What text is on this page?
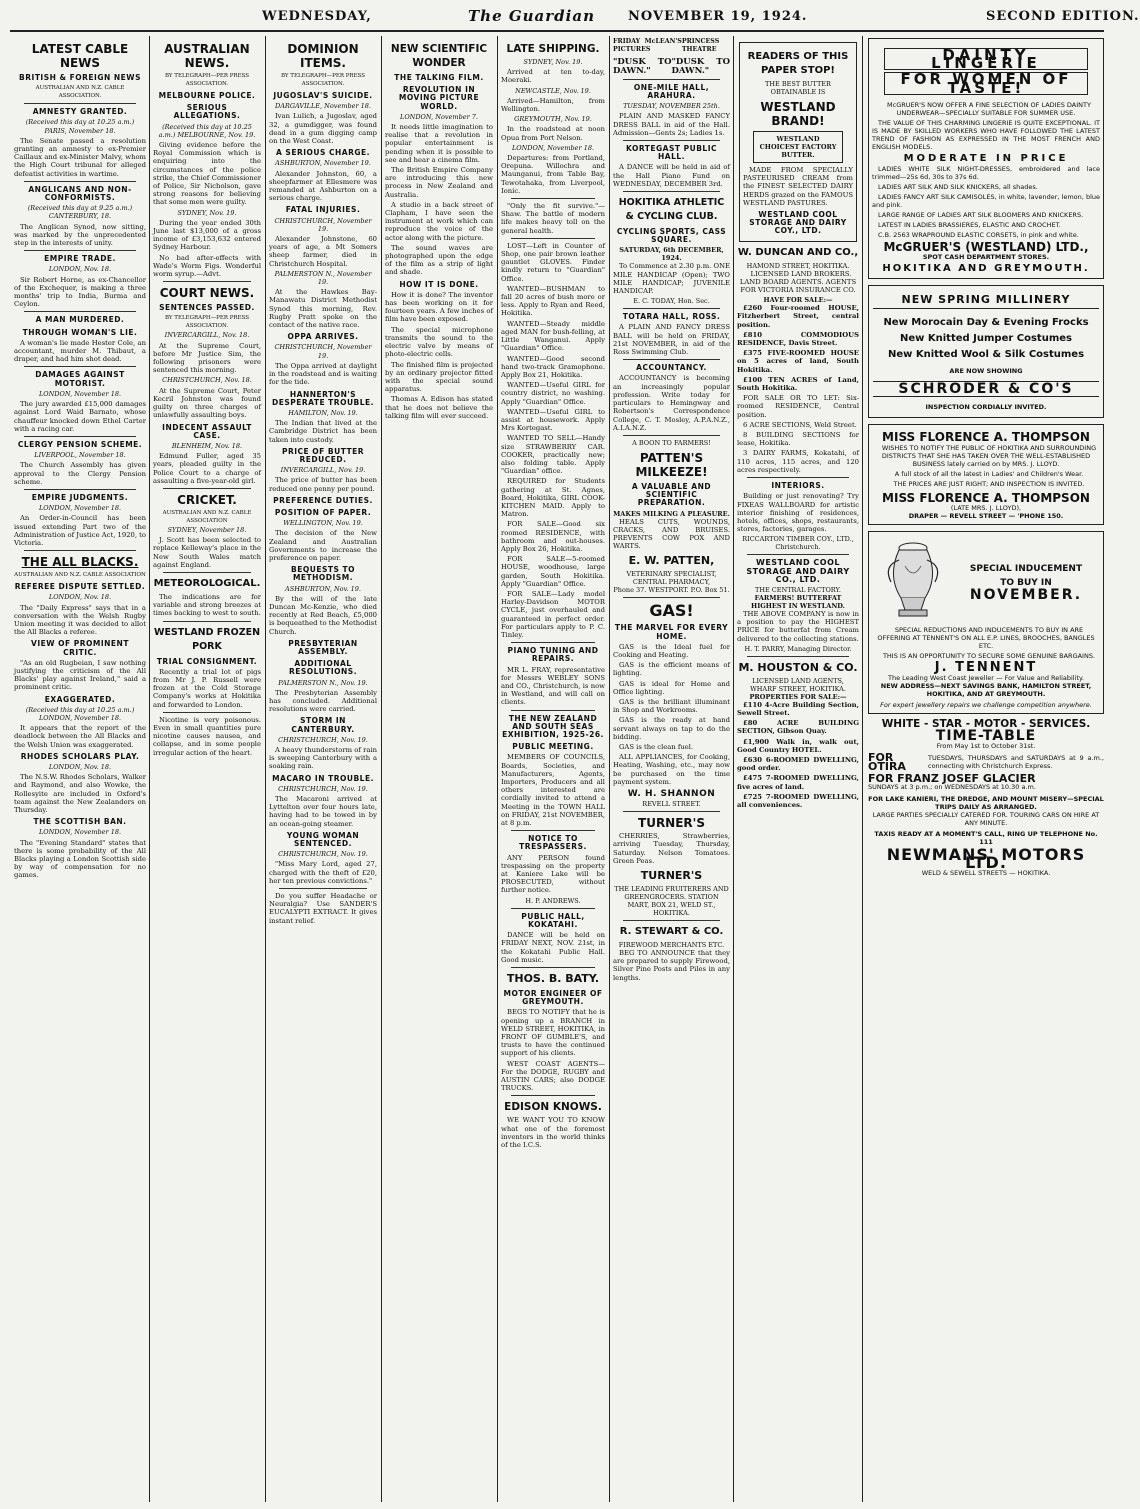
WEDNESDAY,	The Guardian	NOVEMBER 19, 1924.	SECOND EDITION.
LATEST CABLE NEWS
BRITISH & FOREIGN NEWS
AUSTRALIAN AND N.Z. CABLE ASSOCIATION.
AMNESTY GRANTED.
(Received this day at 10.25 a.m.) PARIS, November 18.

The Senate passed a resolution granting an amnesty to ex-Premier Caillaux and ex-Minister Malvy, whom the High Court tribunal for alleged defeatist activities in wartime.

ANGLICANS AND NON-CONFORMISTS.
(Received this day at 9.25 a.m.) CANTERBURY, 18.

The Anglican Synod, now sitting, was marked by the unprecedented step in the interests of unity.

EMPIRE TRADE.
LONDON, Nov. 18.

Sir Robert Horne, as ex-Chancellor of the Exchequer, is making a three months' trip to India, Burma and Ceylon.

A MAN MURDERED.
THROUGH WOMAN'S LIE.

A woman's lie made Hester Cole, an accountant, murder M. Thibaut, a draper, and had him shot dead.

DAMAGES AGAINST MOTORIST.
LONDON, November 18.

The jury awarded £15,000 damages against Lord Waid Barnato, whose chauffeur knocked down Ethel Carter with a racing car.

CLERGY PENSION SCHEME.
LIVERPOOL, November 18.

The Church Assembly has given approval to the Clergy Pension scheme.

EMPIRE JUDGMENTS.
LONDON, November 18.

An Order-in-Council has been issued extending Part two of the Administration of Justice Act, 1920, to Victoria.

THE ALL BLACKS.
AUSTRALIAN AND N.Z. CABLE ASSOCIATION
REFEREE DISPUTE SETTLED.
LONDON, Nov. 18.

The "Daily Express" says that in a conversation with the Welsh Rugby Union meeting it was decided to allot the All Blacks a referee.

VIEW OF PROMINENT CRITIC.

"As an old Rugbeian, I saw nothing justifying the criticism of the All Blacks' play against Ireland," said a prominent critic.

EXAGGERATED.
(Received this day at 10.25 a.m.) LONDON, November 18.

It appears that the report of the deadlock between the All Blacks and the Welsh Union was exaggerated.

RHODES SCHOLARS PLAY.
LONDON, Nov. 18.

The N.S.W. Rhodes Scholars, Walker and Raymond, and also Wowke, the Rollesyite are included in Oxford's team against the New Zealanders on Thursday.

THE SCOTTISH BAN.
LONDON, November 18.

The "Evening Standard" states that there is some probability of the All Blacks playing a London Scottish side by way of compensation for no games.

AUSTRALIAN NEWS.
BY TELEGRAPH—PER PRESS ASSOCIATION.
MELBOURNE POLICE.
SERIOUS ALLEGATIONS.
(Received this day at 10.25 a.m.) MELBOURNE, Nov. 19.

Giving evidence before the Royal Commission which is enquiring into the circumstances of the police strike, the Chief Commissioner of Police, Sir Nicholson, gave strong reasons for believing that some men were guilty.

SYDNEY, Nov. 19.

During the year ended 30th June last $13,000 of a gross income of £3,153,632 entered Sydney Harbour.

No bad after-effects with Wade's Worm Figs. Wonderful worm syrup.—Advt.

COURT NEWS.
SENTENCES PASSED.
BY TELEGRAPH—PER PRESS ASSOCIATION.
INVERCARGILL, Nov. 18.

At the Supreme Court, before Mr Justice Sim, the following prisoners were sentenced this morning.

CHRISTCHURCH, Nov. 18.

At the Supreme Court, Peter Kecril Johnston was found guilty on three charges of unlawfully assaulting boys.

INDECENT ASSAULT CASE.
BLENHEIM, Nov. 18.

Edmund Fuller, aged 35 years, pleaded guilty in the Police Court to a charge of assaulting a five-year-old girl.

CRICKET.
AUSTRALIAN AND N.Z. CABLE ASSOCIATION
SYDNEY, November 18.

J. Scott has been selected to replace Kelleway's place in the New South Wales match against England.

METEOROLOGICAL.

The indications are for variable and strong breezes at times backing to west to south.

WESTLAND FROZEN PORK
TRIAL CONSIGNMENT.

Recently a trial lot of pigs from Mr J. P. Russell were frozen at the Cold Storage Company's works at Hokitika and forwarded to London.

Nicotine is very poisonous. Even in small quantities pure nicotine causes nausea, and collapse, and in some people irregular action of the heart.

DOMINION ITEMS.
BY TELEGRAPH—PER PRESS ASSOCIATION.
JUGOSLAV'S SUICIDE.
DARGAVILLE, November 18.

Ivan Lulich, a Jugoslav, aged 32, a gumdigger, was found dead in a gum digging camp on the West Coast.

A SERIOUS CHARGE.
ASHBURTON, November 19.

Alexander Johnston, 60, a sheepfarmer at Ellesmere was remanded at Ashburton on a serious charge.

FATAL INJURIES.
CHRISTCHURCH, November 19.

Alexander Johnstone, 60 years of age, a Mt Somers sheep farmer, died in Christchurch Hospital.

PALMERSTON N., November 19.

At the Hawkes Bay-Manawatu District Methodist Synod this morning, Rev. Rugby Pratt spoke on the contact of the native race.

OPPA ARRIVES.
CHRISTCHURCH, November 19.

The Oppa arrived at daylight in the roadstead and is waiting for the tide.

HANNERTON'S DESPERATE TROUBLE.
HAMILTON, Nov. 19.

The Indian that lived at the Cambridge District has been taken into custody.

PRICE OF BUTTER REDUCED.
INVERCARGILL, Nov. 19.

The price of butter has been reduced one penny per pound.

PREFERENCE DUTIES.
POSITION OF PAPER.
WELLINGTON, Nov. 19.

The decision of the New Zealand and Australian Governments to increase the preference on paper.

BEQUESTS TO METHODISM.
ASHBURTON, Nov. 19.

By the will of the late Duncan Mc-Kenzie, who died recently at Red Beach, £5,000 is bequeathed to the Methodist Church.

PRESBYTERIAN ASSEMBLY.
ADDITIONAL RESOLUTIONS.
PALMERSTON N., Nov. 19.

The Presbyterian Assembly has concluded. Additional resolutions were carried.

STORM IN CANTERBURY.
CHRISTCHURCH, Nov. 19.

A heavy thunderstorm of rain is sweeping Canterbury with a soaking rain.

MACARO IN TROUBLE.
CHRISTCHURCH, Nov. 19.

The Macaroni arrived at Lyttelton over four hours late, having had to be towed in by an ocean-going steamer.

YOUNG WOMAN SENTENCED.
CHRISTCHURCH, Nov. 19.

"Miss Mary Lord, aged 27, charged with the theft of £20, her ten previous convictions."

Do you suffer Headache or Neuralgia? Use SANDER'S EUCALYPTI EXTRACT. It gives instant relief.

NEW SCIENTIFIC WONDER
THE TALKING FILM.
REVOLUTION IN MOVING PICTURE WORLD.
LONDON, November 7.

It needs little imagination to realise that a revolution in popular entertainment is pending when it is possible to see and hear a cinema film.

The British Empire Company are introducing this new process in New Zealand and Australia.

A studio in a back street of Clapham, I have seen the instrument at work which can reproduce the voice of the actor along with the picture.

The sound waves are photographed upon the edge of the film as a strip of light and shade.

HOW IT IS DONE.

How it is done? The inventor has been working on it for fourteen years. A few inches of film have been exposed.

The special microphone transmits the sound to the electric valve by means of photo-electric cells.

The finished film is projected by an ordinary projector fitted with the special sound apparatus.

Thomas A. Edison has stated that he does not believe the talking film will ever succeed.

LATE SHIPPING.
SYDNEY, Nov. 19.

Arrived at ten to-day, Moeraki.

NEWCASTLE, Nov. 19.

Arrived—Hamilton, from Wellington.

GREYMOUTH, Nov. 19.

In the roadstead at noon Opua from Port Nelson.

LONDON, November 18.

Departures: from Portland, Orepuna. Willochra and Maunganui, from Table Bay, Tewotahaka, from Liverpool, Ionic.

"Only the fit survive."—Shaw. The battle of modern life makes heavy toll on the general health.

LOST—Left in Counter of Shop, one pair brown leather gauntlet GLOVES. Finder kindly return to "Guardian" Office.

WANTED—BUSHMAN to fall 20 acres of bush more or less. Apply to Ryan and Reed, Hokitika.

WANTED—Steady middle aged MAN for bush-felling, at Little Wanganui. Apply "Guardian" Office.

WANTED—Good second hand two-track Gramophone. Apply Box 21, Hokitika.

WANTED—Useful GIRL for country district, no washing. Apply "Guardian" Office.

WANTED—Useful GIRL to assist at housework. Apply Mrs Kortegast.

WANTED TO SELL—Handy size STRAWBERRY CAR. COOKER, practically new; also folding table. Apply "Guardian" office.

REQUIRED for Students gathering at St. Agnes, Board, Hokitika, GIRL COOK-KITCHEN MAID. Apply to Matron.

FOR SALE—Good six roomed RESIDENCE, with bathroom and out-houses. Apply Box 26, Hokitika.

FOR SALE—5-roomed HOUSE, woodhouse, large garden, South Hokitika. Apply "Guardian" Office.

FOR SALE—Lady model Harley-Davidson MOTOR CYCLE, just overhauled and guaranteed in perfect order. For particulars apply to P. C. Tinley.

PIANO TUNING AND REPAIRS.

MR L. FRAY, representative for Messrs WEBLEY SONS and CO., Christchurch, is now in Westland, and will call on clients.

THE NEW ZEALAND AND SOUTH SEAS EXHIBITION, 1925-26.
PUBLIC MEETING.

MEMBERS OF COUNCILS, Boards, Societies, and Manufacturers, Agents, Importers, Producers and all others interested are cordially invited to attend a Meeting in the TOWN HALL on FRIDAY, 21st NOVEMBER, at 8 p.m.

NOTICE TO TRESPASSERS.

ANY PERSON found trespassing on the property at Kaniere Lake will be PROSECUTED, without further notice.

H. P. ANDREWS.
PUBLIC HALL, KOKATAHI.

DANCE will be held on FRIDAY NEXT, NOV. 21st, in the Kokatahi Public Hall. Good music.

THOS. B. BATY.
MOTOR ENGINEER OF GREYMOUTH.

BEGS TO NOTIFY that he is opening up a BRANCH in WELD STREET, HOKITIKA, in FRONT OF GUMBLE'S, and trusts to have the continued support of his clients.

WEST COAST AGENTS—For the DODGE, RUGBY and AUSTIN CARS; also DODGE TRUCKS.

EDISON KNOWS.

WE WANT YOU TO KNOW what one of the foremost inventors in the world thinks of the I.C.S.

FRIDAY McLEAN'S PICTURES
PRINCESS THEATRE
"DUSK TO DAWN."
"DUSK TO DAWN."
ONE-MILE HALL, ARAHURA.
TUESDAY, NOVEMBER 25th.

PLAIN AND MASKED FANCY DRESS BALL in aid of the Hall. Admission—Gents 2s; Ladies 1s.

KORTEGAST PUBLIC HALL.

A DANCE will be held in aid of the Hall Piano Fund on WEDNESDAY, DECEMBER 3rd.

HOKITIKA ATHLETIC & CYCLING CLUB.
CYCLING SPORTS, CASS SQUARE.
SATURDAY, 6th DECEMBER, 1924.

To Commence at 2.30 p.m. ONE MILE HANDICAP (Open); TWO MILE HANDICAP; JUVENILE HANDICAP.

E. C. TODAY, Hon. Sec.
TOTARA HALL, ROSS.

A PLAIN AND FANCY DRESS BALL will be held on FRIDAY, 21st NOVEMBER, in aid of the Ross Swimming Club.

ACCOUNTANCY.

ACCOUNTANCY is becoming an increasingly popular profession. Write today for particulars to Hemingway and Robertson's Correspondence College, C. T. Mosley, A.P.A.N.Z., A.I.A.N.Z.

A BOON TO FARMERS!
PATTEN'S MILKEEZE!
A VALUABLE AND SCIENTIFIC PREPARATION.
MAKES MILKING A PLEASURE.

HEALS CUTS, WOUNDS, CRACKS, AND BRUISES. PREVENTS COW POX AND WARTS.

E. W. PATTEN,
VETERINARY SPECIALIST, CENTRAL PHARMACY,
Phone 37. WESTPORT. P.O. Box 51.
GAS!
THE MARVEL FOR EVERY HOME.

GAS is the Ideal fuel for Cooking and Heating.

GAS is the efficient means of lighting.

GAS is ideal for Home and Office lighting.

GAS is the brilliant illuminant in Shop and Workrooms.

GAS is the ready at hand servant always on tap to do the bidding.

GAS is the clean fuel.

ALL APPLIANCES, for Cooking, Heating, Washing, etc., may now be purchased on the time payment system.

W. H. SHANNON
REVELL STREET.
TURNER'S

CHERRIES, Strawberries, arriving Tuesday, Thursday, Saturday. Nelson Tomatoes. Green Peas.

TURNER'S
THE LEADING FRUITERERS AND GREENGROCERS. STATION MART, BOX 21, WELD ST., HOKITIKA.
R. STEWART & CO.
FIREWOOD MERCHANTS ETC.

BEG TO ANNOUNCE that they are prepared to supply Firewood, Silver Pine Posts and Piles in any lengths.

READERS OF THIS PAPER STOP!
THE BEST BUTTER OBTAINABLE IS
WESTLAND BRAND!
WESTLAND CHOICEST FACTORY BUTTER.

MADE FROM SPECIALLY PASTEURISED CREAM from the FINEST SELECTED DAIRY HERDS grazed on the FAMOUS WESTLAND PASTURES.

WESTLAND COOL STORAGE AND DAIRY COY., LTD.
W. DUNCAN AND CO.,
HAMOND STREET, HOKITIKA.

LICENSED LAND BROKERS. LAND BOARD AGENTS. AGENTS FOR VICTORIA INSURANCE CO.

HAVE FOR SALE:—

£260 Four-roomed HOUSE, Fitzherbert Street, central position.

£810 COMMODIOUS RESIDENCE, Davis Street.

£375 FIVE-ROOMED HOUSE on 5 acres of land, South Hokitika.

£100 TEN ACRES of Land, South Hokitika.

FOR SALE OR TO LET: Six-roomed RESIDENCE, Central position.

6 ACRE SECTIONS, Weld Street.

8 BUILDING SECTIONS for lease, Hokitika.

3 DAIRY FARMS, Kokatahi, of 110 acres, 115 acres, and 120 acres respectively.

INTERIORS.

Building or just renovating? Try FIXEAS WALLBOARD for artistic interior finishing of residences, hotels, offices, shops, restaurants, stores, factories, garages.

RICCARTON TIMBER COY., LTD., Christchurch.
WESTLAND COOL STORAGE AND DAIRY CO., LTD.
THE CENTRAL FACTORY.
FARMERS! BUTTERFAT HIGHEST IN WESTLAND.

THE ABOVE COMPANY is now in a position to pay the HIGHEST PRICE for butterfat from Cream delivered to the collecting stations.

H. T. PARRY, Managing Director.
M. HOUSTON & CO.
LICENSED LAND AGENTS,
WHARF STREET, HOKITIKA.
PROPERTIES FOR SALE:—

£110 4-Acre Building Section, Sewell Street.

£80 ACRE BUILDING SECTION, Gibson Quay.

£1,900 Walk in, walk out, Good Country HOTEL.

£630 6-ROOMED DWELLING, good order.

£475 7-ROOMED DWELLING, five acres of land.

£725 7-ROOMED DWELLING, all conveniences.

DAINTY LINGERIE
FOR WOMEN OF TASTE!

McGRUER'S NOW OFFER A FINE SELECTION OF LADIES DAINTY UNDERWEAR—SPECIALLY SUITABLE FOR SUMMER USE.

THE VALUE OF THIS CHARMING LINGERIE IS QUITE EXCEPTIONAL. IT IS MADE BY SKILLED WORKERS WHO HAVE FOLLOWED THE LATEST TREND OF FASHION AS EXPRESSED IN THE MOST FRENCH AND ENGLISH MODELS.

MODERATE IN PRICE

LADIES WHITE SILK NIGHT-DRESSES, embroidered and lace trimmed—25s 6d, 30s to 37s 6d.

LADIES ART SILK AND SILK KNICKERS, all shades.

LADIES FANCY ART SILK CAMISOLES, in white, lavender, lemon, blue and pink.

LARGE RANGE OF LADIES ART SILK BLOOMERS AND KNICKERS.

LATEST IN LADIES BRASSIERES, ELASTIC AND CROCHET.

C.B. 2563 WRAPROUND ELASTIC CORSETS, in pink and white.

McGRUER'S (WESTLAND) LTD.,
SPOT CASH DEPARTMENT STORES.
HOKITIKA AND GREYMOUTH.
NEW SPRING MILLINERY
New Morocain Day & Evening Frocks
New Knitted Jumper Costumes
New Knitted Wool & Silk Costumes
ARE NOW SHOWING
SCHRODER & CO'S
INSPECTION CORDIALLY INVITED.
MISS FLORENCE A. THOMPSON

WISHES TO NOTIFY THE PUBLIC OF HOKITIKA AND SURROUNDING DISTRICTS THAT SHE HAS TAKEN OVER THE WELL-ESTABLISHED BUSINESS lately carried on by MRS. J. LLOYD.

A full stock of all the latest in Ladies' and Children's Wear.

THE PRICES ARE JUST RIGHT; AND INSPECTION IS INVITED.

MISS FLORENCE A. THOMPSON
(LATE MRS. J. LLOYD),
DRAPER — REVELL STREET — 'PHONE 150.
SPECIAL INDUCEMENT
TO BUY IN
NOVEMBER.

SPECIAL REDUCTIONS AND INDUCEMENTS TO BUY IN ARE OFFERING AT TENNENT'S ON ALL E.P. LINES, BROOCHES, BANGLES ETC.

THIS IS AN OPPORTUNITY TO SECURE SOME GENUINE BARGAINS.

J. TENNENT
The Leading West Coast Jeweller — For Value and Reliability.
NEW ADDRESS—NEXT SAVINGS BANK, HAMILTON STREET, HOKITIKA, AND AT GREYMOUTH.
For expert jewellery repairs we challenge competition anywhere.
WHITE - STAR - MOTOR - SERVICES.
TIME-TABLE
From May 1st to October 31st.
FOR OTIRA
TUESDAYS, THURSDAYS and SATURDAYS at 9 a.m., connecting with Christchurch Express.
FOR FRANZ JOSEF GLACIER
SUNDAYS at 3 p.m.; on WEDNESDAYS at 10.30 a.m.
FOR LAKE KANIERI, THE DREDGE, AND MOUNT MISERY—SPECIAL TRIPS DAILY AS ARRANGED.
LARGE PARTIES SPECIALLY CATERED FOR. TOURING CARS ON HIRE AT ANY MINUTE.
TAXIS READY AT A MOMENT'S CALL, RING UP TELEPHONE No. 111
NEWMANS' MOTORS LTD.
WELD & SEWELL STREETS — HOKITIKA.
